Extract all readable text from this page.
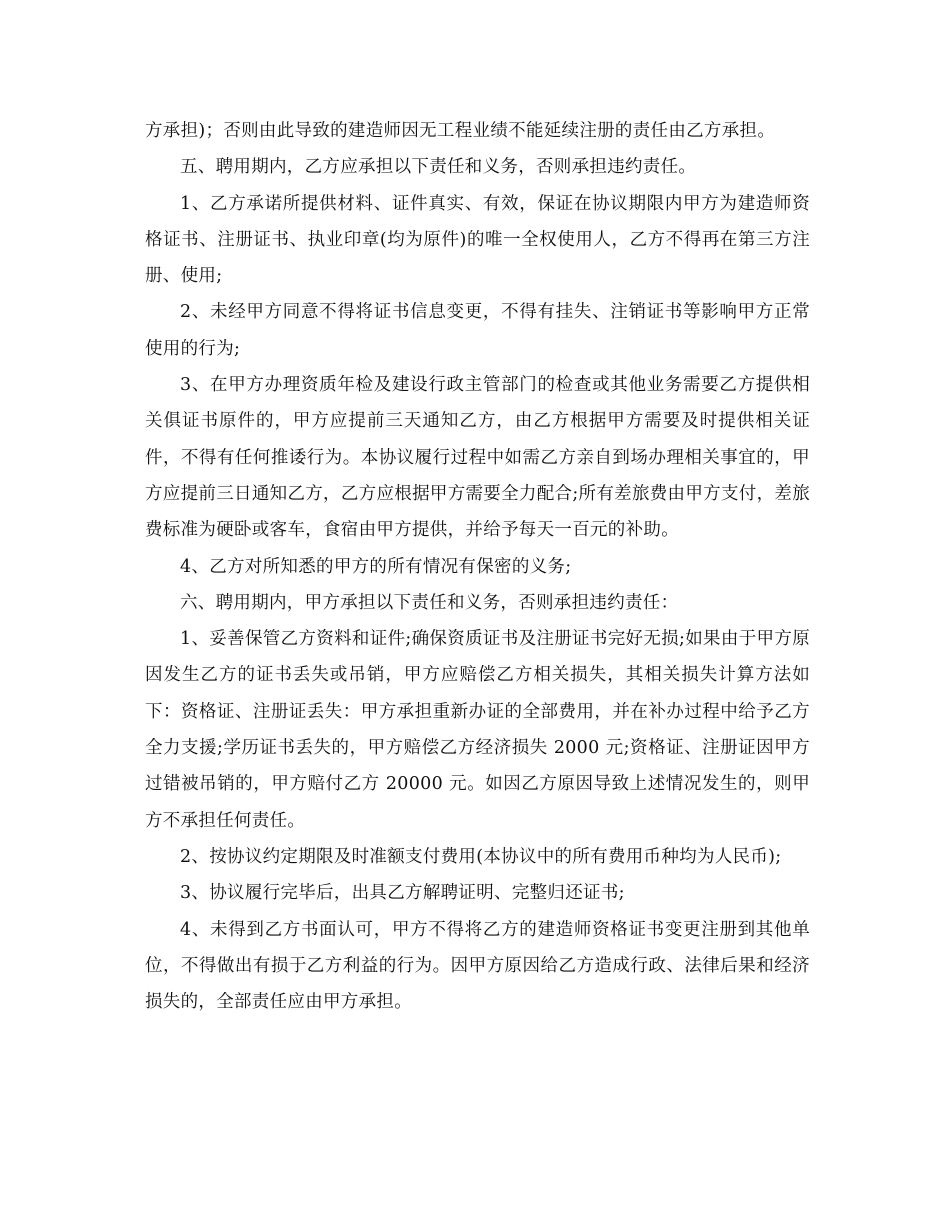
方承担)；否则由此导致的建造师因无工程业绩不能延续注册的责任由乙方承担。

五、聘用期内，乙方应承担以下责任和义务，否则承担违约责任。

1、乙方承诺所提供材料、证件真实、有效，保证在协议期限内甲方为建造师资格证书、注册证书、执业印章(均为原件)的唯一全权使用人，乙方不得再在第三方注册、使用;

2、未经甲方同意不得将证书信息变更，不得有挂失、注销证书等影响甲方正常使用的行为;

3、在甲方办理资质年检及建设行政主管部门的检查或其他业务需要乙方提供相关俱证书原件的，甲方应提前三天通知乙方，由乙方根据甲方需要及时提供相关证件，不得有任何推诿行为。本协议履行过程中如需乙方亲自到场办理相关事宜的，甲方应提前三日通知乙方，乙方应根据甲方需要全力配合;所有差旅费由甲方支付，差旅费标准为硬卧或客车，食宿由甲方提供，并给予每天一百元的补助。

4、乙方对所知悉的甲方的所有情况有保密的义务;

六、聘用期内，甲方承担以下责任和义务，否则承担违约责任：

1、妥善保管乙方资料和证件;确保资质证书及注册证书完好无损;如果由于甲方原因发生乙方的证书丢失或吊销，甲方应赔偿乙方相关损失，其相关损失计算方法如下：资格证、注册证丢失：甲方承担重新办证的全部费用，并在补办过程中给予乙方全力支援;学历证书丢失的，甲方赔偿乙方经济损失 2000 元;资格证、注册证因甲方过错被吊销的，甲方赔付乙方 20000 元。如因乙方原因导致上述情况发生的，则甲方不承担任何责任。

2、按协议约定期限及时准额支付费用(本协议中的所有费用币种均为人民币);

3、协议履行完毕后，出具乙方解聘证明、完整归还证书;

4、未得到乙方书面认可，甲方不得将乙方的建造师资格证书变更注册到其他单位，不得做出有损于乙方利益的行为。因甲方原因给乙方造成行政、法律后果和经济损失的，全部责任应由甲方承担。
